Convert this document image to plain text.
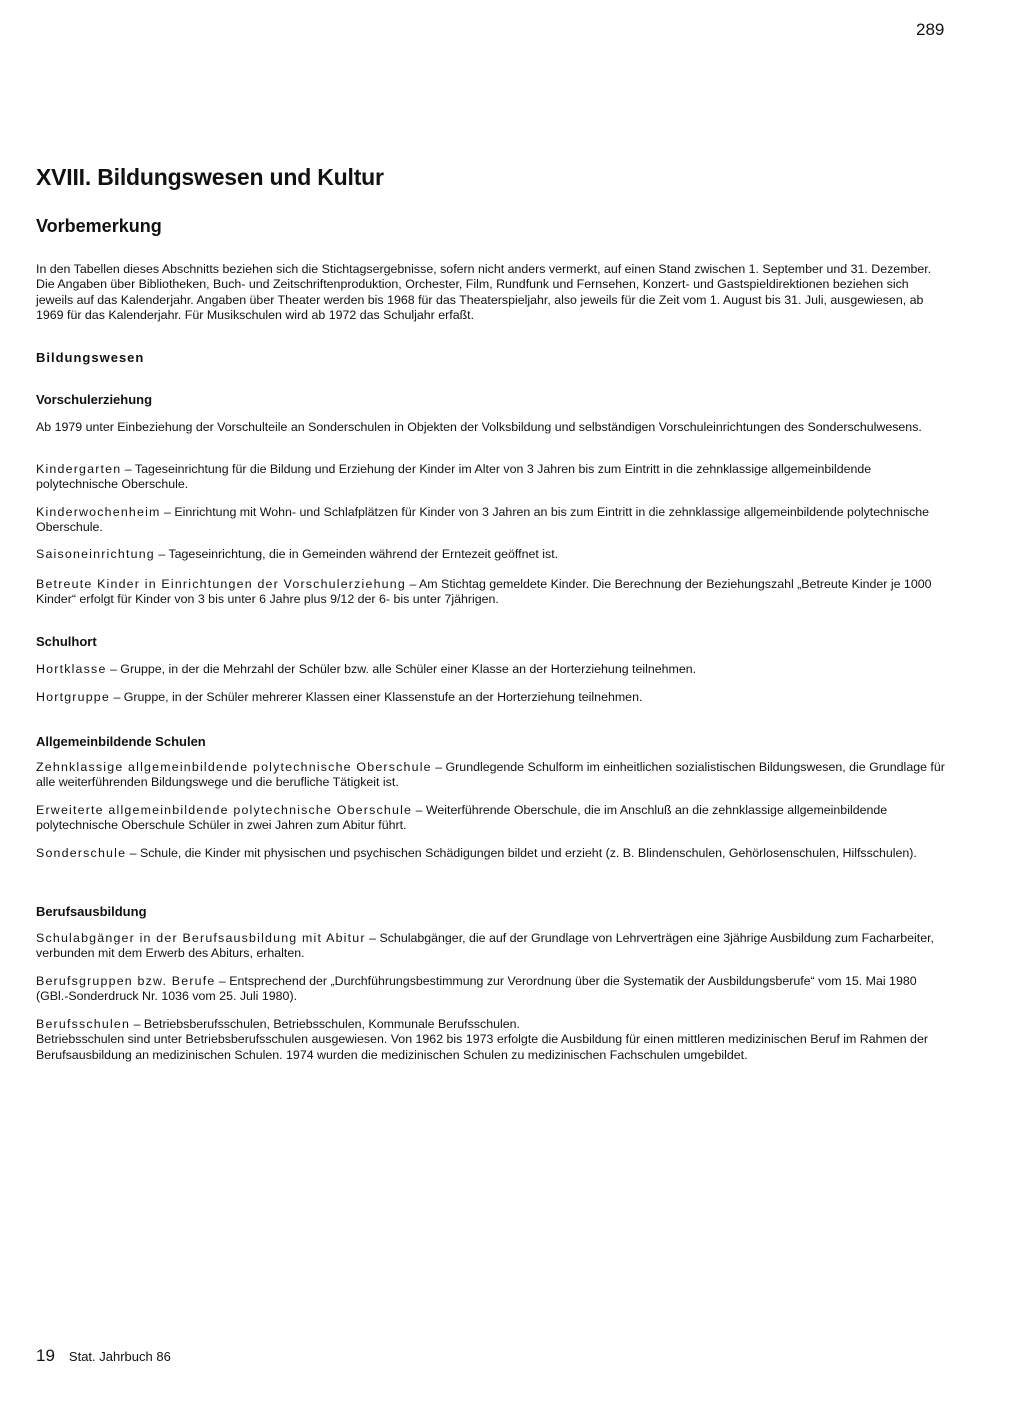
289
XVIII. Bildungswesen und Kultur
Vorbemerkung

In den Tabellen dieses Abschnitts beziehen sich die Stichtagsergebnisse, sofern nicht anders vermerkt, auf einen Stand zwischen 1. September und 31. Dezember. Die Angaben über Bibliotheken, Buch- und Zeitschriftenproduktion, Orchester, Film, Rundfunk und Fernsehen, Konzert- und Gastspieldirektionen beziehen sich jeweils auf das Kalenderjahr. Angaben über Theater werden bis 1968 für das Theaterspieljahr, also jeweils für die Zeit vom 1. August bis 31. Juli, ausgewiesen, ab 1969 für das Kalenderjahr. Für Musikschulen wird ab 1972 das Schuljahr erfaßt.

Bildungswesen
Vorschulerziehung

Ab 1979 unter Einbeziehung der Vorschulteile an Sonderschulen in Objekten der Volksbildung und selbständigen Vorschuleinrichtungen des Sonderschulwesens.

Kindergarten – Tageseinrichtung für die Bildung und Erziehung der Kinder im Alter von 3 Jahren bis zum Eintritt in die zehnklassige allgemeinbildende polytechnische Oberschule.

Kinderwochenheim – Einrichtung mit Wohn- und Schlafplätzen für Kinder von 3 Jahren an bis zum Eintritt in die zehnklassige allgemeinbildende polytechnische Oberschule.

Saisoneinrichtung – Tageseinrichtung, die in Gemeinden während der Erntezeit geöffnet ist.

Betreute Kinder in Einrichtungen der Vorschulerziehung – Am Stichtag gemeldete Kinder. Die Berechnung der Beziehungszahl „Betreute Kinder je 1000 Kinder“ erfolgt für Kinder von 3 bis unter 6 Jahre plus 9/12 der 6- bis unter 7jährigen.

Schulhort

Hortklasse – Gruppe, in der die Mehrzahl der Schüler bzw. alle Schüler einer Klasse an der Horterziehung teilnehmen.

Hortgruppe – Gruppe, in der Schüler mehrerer Klassen einer Klassenstufe an der Horterziehung teilnehmen.

Allgemeinbildende Schulen

Zehnklassige allgemeinbildende polytechnische Oberschule – Grundlegende Schulform im einheitlichen sozialistischen Bildungswesen, die Grundlage für alle weiterführenden Bildungswege und die berufliche Tätigkeit ist.

Erweiterte allgemeinbildende polytechnische Oberschule – Weiterführende Oberschule, die im Anschluß an die zehnklassige allgemeinbildende polytechnische Oberschule Schüler in zwei Jahren zum Abitur führt.

Sonderschule – Schule, die Kinder mit physischen und psychischen Schädigungen bildet und erzieht (z. B. Blindenschulen, Gehörlosenschulen, Hilfsschulen).

Berufsausbildung

Schulabgänger in der Berufsausbildung mit Abitur – Schulabgänger, die auf der Grundlage von Lehrverträgen eine 3jährige Ausbildung zum Facharbeiter, verbunden mit dem Erwerb des Abiturs, erhalten.

Berufsgruppen bzw. Berufe – Entsprechend der „Durchführungsbestimmung zur Verordnung über die Systematik der Ausbildungsberufe“ vom 15. Mai 1980 (GBl.-Sonderdruck Nr. 1036 vom 25. Juli 1980).

Berufsschulen – Betriebsberufsschulen, Betriebsschulen, Kommunale Berufsschulen.
Betriebsschulen sind unter Betriebsberufsschulen ausgewiesen. Von 1962 bis 1973 erfolgte die Ausbildung für einen mittleren medizinischen Beruf im Rahmen der Berufsausbildung an medizinischen Schulen. 1974 wurden die medizinischen Schulen zu medizinischen Fachschulen umgebildet.

19 Stat. Jahrbuch 86
